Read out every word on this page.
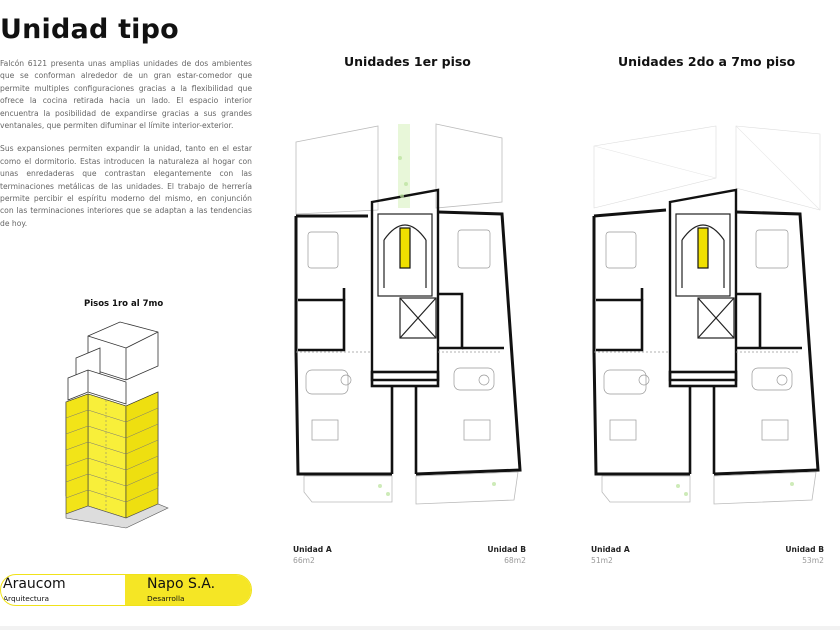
Unidad tipo

Falcón 6121 presenta unas amplias unidades de dos ambientes que se conforman alrededor de un gran estar-comedor que permite multiples configuraciones gracias a la flexibilidad que ofrece la cocina retirada hacia un lado. El espacio interior encuentra la posibilidad de expandirse gracias a sus grandes ventanales, que permiten difuminar el límite interior-exterior.

Sus expansiones permiten expandir la unidad, tanto en el estar como el dormitorio. Estas introducen la naturaleza al hogar con unas enredaderas que contrastan elegantemente con las terminaciones metálicas de las unidades. El trabajo de herrería permite percibir el espíritu moderno del mismo, en conjunción con las terminaciones interiores que se adaptan a las tendencias de hoy.

Pisos 1ro al 7mo
Unidades 1er piso
Unidad A
66m2
Unidad B
68m2
Unidades 2do a 7mo piso
Unidad A
51m2
Unidad B
53m2
Araucom
Arquitectura
Napo S.A.
Desarrolla
